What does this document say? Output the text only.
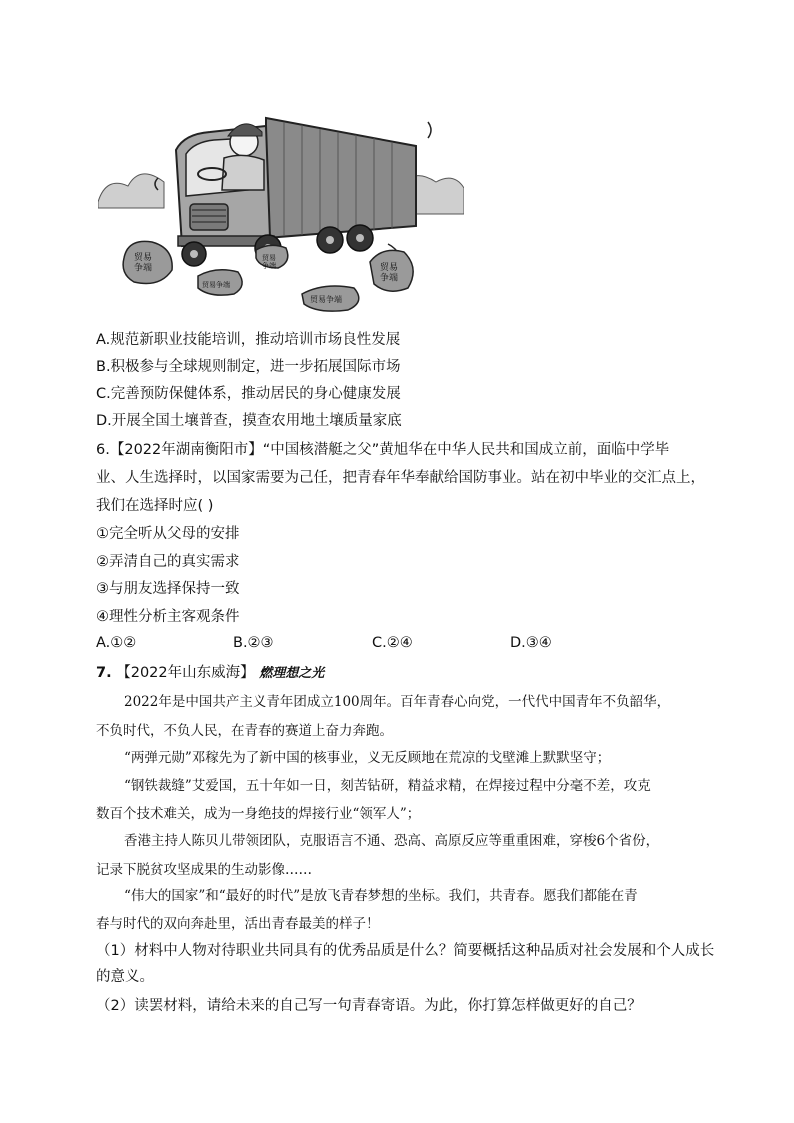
贸易争端
贸易争端
贸易争端
贸易争端
贸易争端
A.规范新职业技能培训，推动培训市场良性发展
B.积极参与全球规则制定，进一步拓展国际市场
C.完善预防保健体系，推动居民的身心健康发展
D.开展全国土壤普查，摸查农用地土壤质量家底
6.【2022年湖南衡阳市】“中国核潜艇之父”黄旭华在中华人民共和国成立前，面临中学毕
业、人生选择时，以国家需要为己任，把青春年华奉献给国防事业。站在初中毕业的交汇点上，
我们在选择时应( )
①完全听从父母的安排
②弄清自己的真实需求
③与朋友选择保持一致
④理性分析主客观条件
A.①②	B.②③	C.②④	D.③④
7. 【2022年山东威海】 燃理想之光
2022年是中国共产主义青年团成立100周年。百年青春心向党，一代代中国青年不负韶华，
不负时代，不负人民，在青春的赛道上奋力奔跑。
“两弹元勋”邓稼先为了新中国的核事业，义无反顾地在荒凉的戈壁滩上默默坚守；
“钢铁裁缝”艾爱国，五十年如一日，刻苦钻研，精益求精，在焊接过程中分毫不差，攻克
数百个技术难关，成为一身绝技的焊接行业“领军人”；
香港主持人陈贝儿带领团队，克服语言不通、恐高、高原反应等重重困难，穿梭6个省份，
记录下脱贫攻坚成果的生动影像……
“伟大的国家”和“最好的时代”是放飞青春梦想的坐标。我们，共青春。愿我们都能在青
春与时代的双向奔赴里，活出青春最美的样子！
（1）材料中人物对待职业共同具有的优秀品质是什么？简要概括这种品质对社会发展和个人成长
的意义。
（2）读罢材料，请给未来的自己写一句青春寄语。为此，你打算怎样做更好的自己？
